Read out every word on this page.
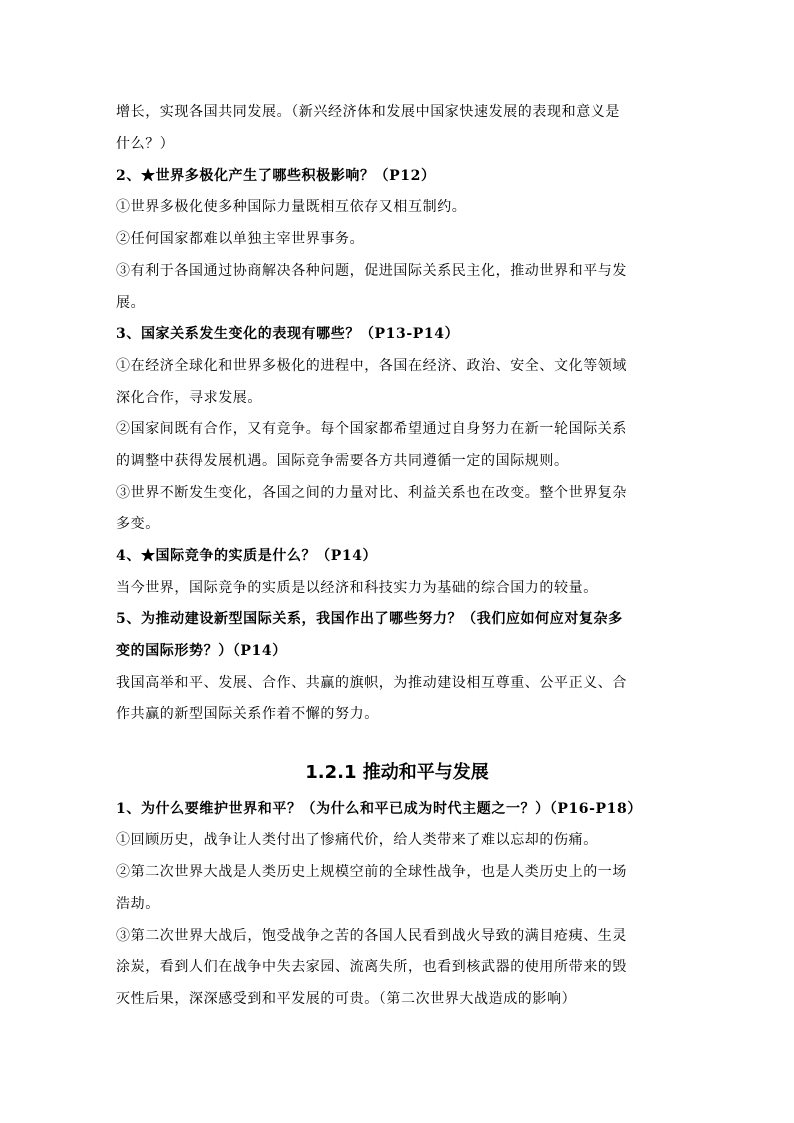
增长，实现各国共同发展。（新兴经济体和发展中国家快速发展的表现和意义是
什么？）
2、★世界多极化产生了哪些积极影响？（P12）
①世界多极化使多种国际力量既相互依存又相互制约。
②任何国家都难以单独主宰世界事务。
③有利于各国通过协商解决各种问题，促进国际关系民主化，推动世界和平与发
展。
3、国家关系发生变化的表现有哪些？（P13-P14）
①在经济全球化和世界多极化的进程中，各国在经济、政治、安全、文化等领域
深化合作，寻求发展。
②国家间既有合作，又有竞争。每个国家都希望通过自身努力在新一轮国际关系
的调整中获得发展机遇。国际竞争需要各方共同遵循一定的国际规则。
③世界不断发生变化，各国之间的力量对比、利益关系也在改变。整个世界复杂
多变。
4、★国际竞争的实质是什么？（P14）
当今世界，国际竞争的实质是以经济和科技实力为基础的综合国力的较量。
5、为推动建设新型国际关系，我国作出了哪些努力？（我们应如何应对复杂多
变的国际形势？）（P14）
我国高举和平、发展、合作、共赢的旗帜，为推动建设相互尊重、公平正义、合
作共赢的新型国际关系作着不懈的努力。
1.2.1 推动和平与发展
1、为什么要维护世界和平？（为什么和平已成为时代主题之一？）（P16-P18）
①回顾历史，战争让人类付出了惨痛代价，给人类带来了难以忘却的伤痛。
②第二次世界大战是人类历史上规模空前的全球性战争，也是人类历史上的一场
浩劫。
③第二次世界大战后，饱受战争之苦的各国人民看到战火导致的满目疮痍、生灵
涂炭，看到人们在战争中失去家园、流离失所，也看到核武器的使用所带来的毁
灭性后果，深深感受到和平发展的可贵。（第二次世界大战造成的影响）
